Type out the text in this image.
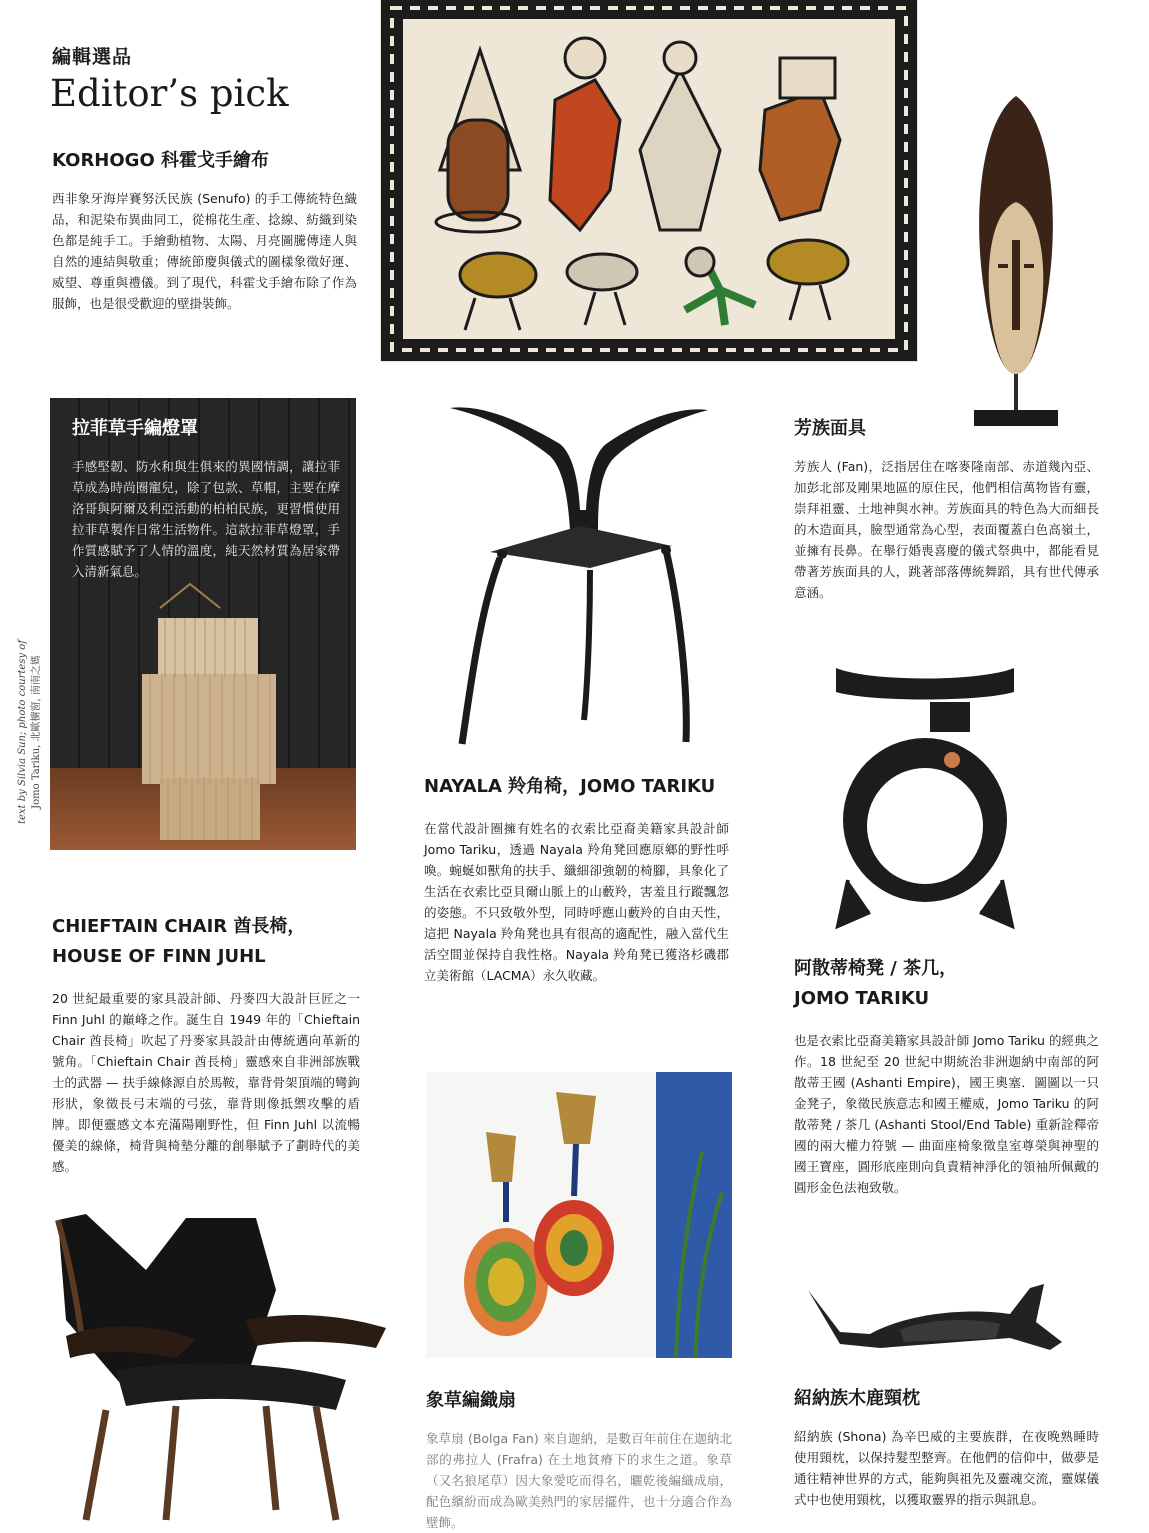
編輯選品
Editor’s pick
text by Silvia Sun; photo courtesy of Jomo Tariku, 北歐櫥窗, 南南之媽
KORHOGO 科霍戈手繪布

西非象牙海岸賽努沃民族 (Senufo) 的手工傳統特色織品，和泥染布異曲同工，從棉花生產、捻線、紡織到染色都是純手工。手繪動植物、太陽、月亮圖騰傳達人與自然的連結與敬重；傳統節慶與儀式的圖樣象徵好運、威望、尊重與禮儀。到了現代，科霍戈手繪布除了作為服飾，也是很受歡迎的壁掛裝飾。

拉菲草手編燈罩

手感堅韌、防水和與生俱來的異國情調，讓拉菲草成為時尚圈寵兒，除了包款、草帽，主要在摩洛哥與阿爾及利亞活動的柏柏民族，更習慣使用拉菲草製作日常生活物件。這款拉菲草燈罩，手作質感賦予了人情的溫度，純天然材質為居家帶入清新氣息。

NAYALA 羚角椅，JOMO TARIKU

在當代設計圈擁有姓名的衣索比亞裔美籍家具設計師 Jomo Tariku，透過 Nayala 羚角凳回應原鄉的野性呼喚。蜿蜒如獸角的扶手、纖細卻強韌的椅腳，具象化了生活在衣索比亞貝爾山脈上的山藪羚，害羞且行蹤飄忽的姿態。不只致敬外型，同時呼應山藪羚的自由天性，這把 Nayala 羚角凳也具有很高的適配性，融入當代生活空間並保持自我性格。Nayala 羚角凳已獲洛杉磯郡立美術館（LACMA）永久收藏。

芳族面具

芳族人 (Fan)，泛指居住在喀麥隆南部、赤道幾內亞、加彭北部及剛果地區的原住民，他們相信萬物皆有靈，崇拜祖靈、土地神與水神。芳族面具的特色為大而細長的木造面具，臉型通常為心型，表面覆蓋白色高嶺土，並擁有長鼻。在舉行婚喪喜慶的儀式祭典中，都能看見帶著芳族面具的人，跳著部落傳統舞蹈，具有世代傳承意涵。

CHIEFTAIN CHAIR 酋長椅，
HOUSE OF FINN JUHL

20 世紀最重要的家具設計師、丹麥四大設計巨匠之一 Finn Juhl 的巔峰之作。誕生自 1949 年的「Chieftain Chair 酋長椅」吹起了丹麥家具設計由傳統邁向革新的號角。「Chieftain Chair 酋長椅」靈感來自非洲部族戰士的武器 — 扶手線條源自於馬鞍，靠背骨架頂端的彎鉤形狀，象徵長弓末端的弓弦，靠背則像抵禦攻擊的盾牌。即便靈感文本充滿陽剛野性，但 Finn Juhl 以流暢優美的線條，椅背與椅墊分離的創舉賦予了劃時代的美感。

象草編織扇

象草扇 (Bolga Fan) 來自迦納，是數百年前住在迦納北部的弗拉人 (Frafra) 在土地貧瘠下的求生之道。象草（又名狼尾草）因大象愛吃而得名，曬乾後編織成扇，配色繽紛而成為歐美熱門的家居擺件，也十分適合作為壁飾。

阿散蒂椅凳 / 茶几，
JOMO TARIKU

也是衣索比亞裔美籍家具設計師 Jomo Tariku 的經典之作。18 世紀至 20 世紀中期統治非洲迦納中南部的阿散蒂王國 (Ashanti Empire)，國王奧塞．圖圖以一只金凳子，象徵民族意志和國王權威，Jomo Tariku 的阿散蒂凳 / 茶几 (Ashanti Stool/End Table) 重新詮釋帝國的兩大權力符號 — 曲面座椅象徵皇室尊榮與神聖的國王寶座，圓形底座則向負責精神淨化的領袖所佩戴的圓形金色法袍致敬。

紹納族木鹿頸枕

紹納族 (Shona) 為辛巴威的主要族群，在夜晚熟睡時使用頸枕，以保持髮型整齊。在他們的信仰中，做夢是通往精神世界的方式，能夠與祖先及靈魂交流，靈媒儀式中也使用頸枕，以獲取靈界的指示與訊息。
